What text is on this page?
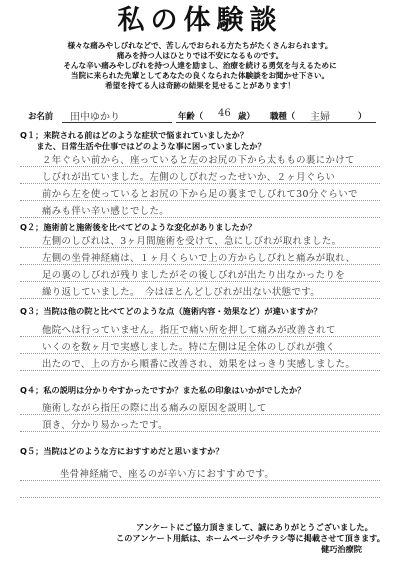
私の体験談
様々な痛みやしびれなどで、苦しんでおられる方たちがたくさんおられます。
痛みを持つ人はひとりでは不安になるものです。
そんな辛い痛みやしびれを持つ人達を励まし、治療を続ける勇気を与えるために
当院に来られた先輩としてあなたの良くなられた体験談をお聞かせ下さい。
希望を持てる人は奇跡の結果を見せることがあります！
お名前 田中ゆかり	年齢（ 46 歳） 職種（ 主婦	）
Q１；来院される前はどのような症状で悩まれていましたか？
　　また、日常生活や仕事ではどのような事に困っていましたか？
２年ぐらい前から、座っていると左のお尻の下から太ももの裏にかけて
しびれが出ていました。左側のしびれだったせいか、２ヶ月ぐらい
前から左を使っているとお尻の下から足の裏までしびれて30分ぐらいで
痛みも伴い辛い感じでした。
Q２；施術前と施術後を比べてどのような変化がありましたか？
左側のしびれは、3ヶ月間施術を受けて、急にしびれが取れました。
左側の坐骨神経痛は、１ヶ月くらいで上の方からしびれと痛みが取れ、
足の裏のしびれが残りましたがその後しびれが出たり出なかったりを
繰り返していました。　今はほとんどしびれが出ない状態です。
Q３；当院は他の院と比べてどのような点（施術内容・効果など）が違いますか？
他院へは行っていません。指圧で痛い所を押して痛みが改善されて
いくのを数ヶ月で実感しました。特に左側は足全体のしびれが強く
出たので、上の方から順番に改善され、効果をはっきり実感しました。
Q４；私の説明は分かりやすかったですか？また私の印象はいかがでしたか？
施術しながら指圧の際に出る痛みの原因を説明して
頂き、分かり易かったです。
Q５；当院はどのような方におすすめだと思いますか？
坐骨神経痛で、座るのが辛い方におすすめです。
アンケートにご協力頂きまして、誠にありがとうございました。
このアンケート用紙は、ホームページやチラシ等に掲載させて頂きます。
健巧治療院
